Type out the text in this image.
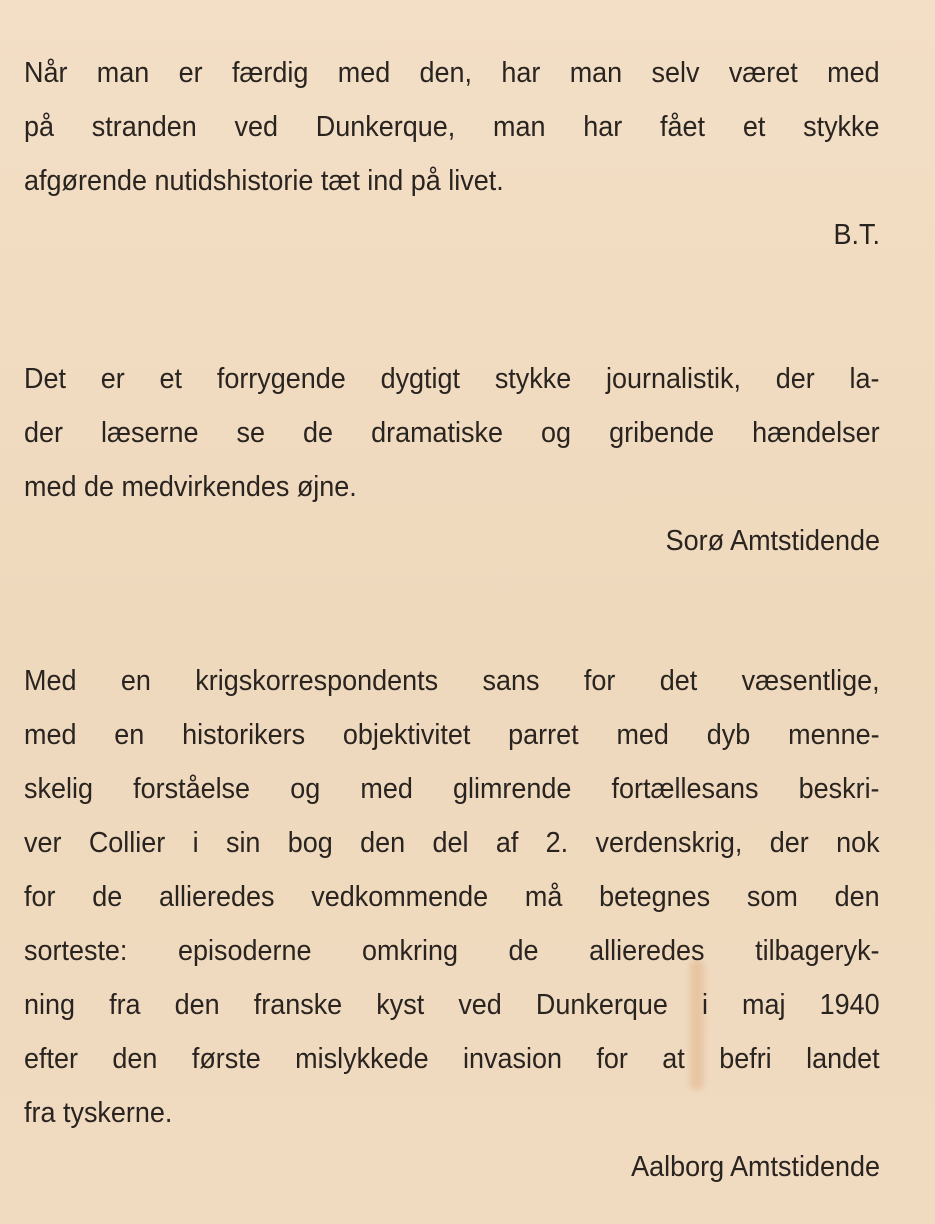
Når man er færdig med den, har man selv været med
på stranden ved Dunkerque, man har fået et stykke
afgørende nutidshistorie tæt ind på livet.
B.T.
Det er et forrygende dygtigt stykke journalistik, der la-
der læserne se de dramatiske og gribende hændelser
med de medvirkendes øjne.
Sorø Amtstidende
Med en krigskorrespondents sans for det væsentlige,
med en historikers objektivitet parret med dyb menne-
skelig forståelse og med glimrende fortællesans beskri-
ver Collier i sin bog den del af 2. verdenskrig, der nok
for de allieredes vedkommende må betegnes som den
sorteste: episoderne omkring de allieredes tilbageryk-
ning fra den franske kyst ved Dunkerque i maj 1940
efter den første mislykkede invasion for at befri landet
fra tyskerne.
Aalborg Amtstidende
